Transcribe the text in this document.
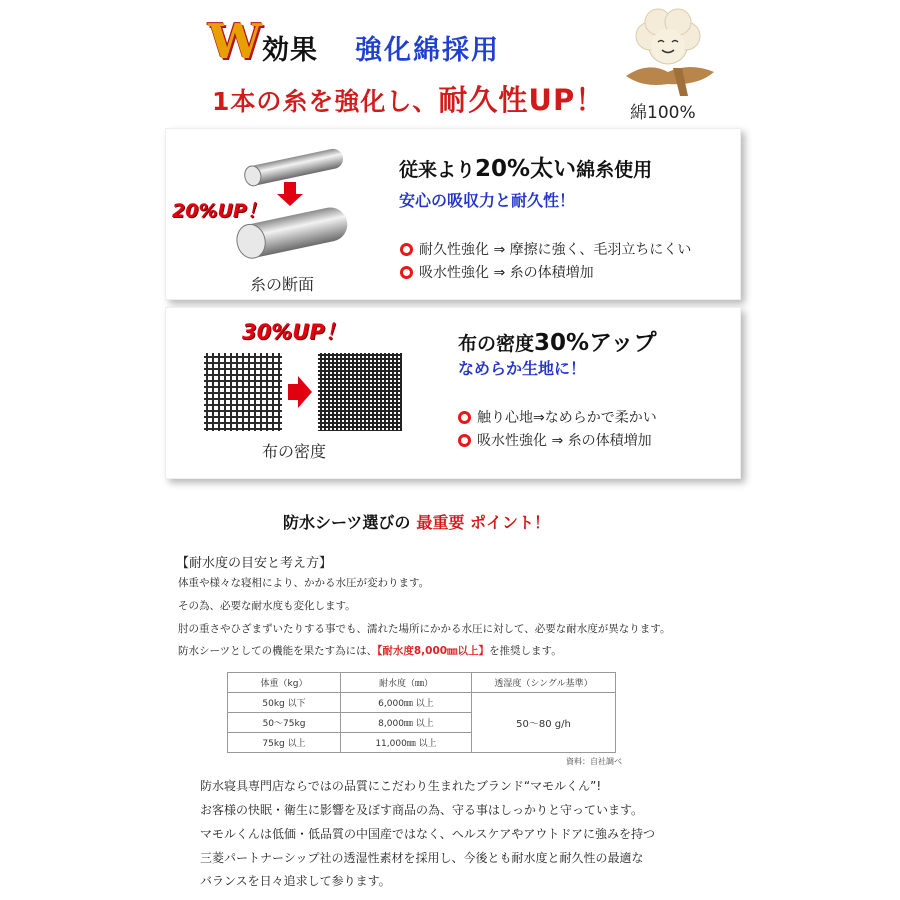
W 効果 強化綿採用
1本の糸を強化し、耐久性UP！ 綿100%
20%UP！
糸の断面
従来より20%太い綿糸使用
安心の吸収力と耐久性！
耐久性強化 ⇒ 摩擦に強く、毛羽立ちにくい
吸水性強化 ⇒ 糸の体積増加
30%UP！
布の密度
布の密度30%アップ
なめらか生地に！
触り心地⇒なめらかで柔かい
吸水性強化 ⇒ 糸の体積増加
防水シーツ選びの 最重要 ポイント！
【耐水度の目安と考え方】
体重や様々な寝相により、かかる水圧が変わります。
その為、必要な耐水度も変化します。
肘の重さやひざまずいたりする事でも、濡れた場所にかかる水圧に対して、必要な耐水度が異なります。
防水シーツとしての機能を果たす為には、【耐水度8,000㎜以上】を推奨します。
体重（kg）	耐水度（㎜）	透湿度（シングル基準）
50kg 以下	6,000㎜ 以上	50～80 g/h
50～75kg	8,000㎜ 以上	
75kg 以上	11,000㎜ 以上	
資料：自社調べ
防水寝具専門店ならではの品質にこだわり生まれたブランド“マモルくん”!
お客様の快眠・衛生に影響を及ぼす商品の為、守る事はしっかりと守っています。
マモルくんは低価・低品質の中国産ではなく、ヘルスケアやアウトドアに強みを持つ
三菱パートナーシップ社の透湿性素材を採用し、今後とも耐水度と耐久性の最適な
バランスを日々追求して参ります。
